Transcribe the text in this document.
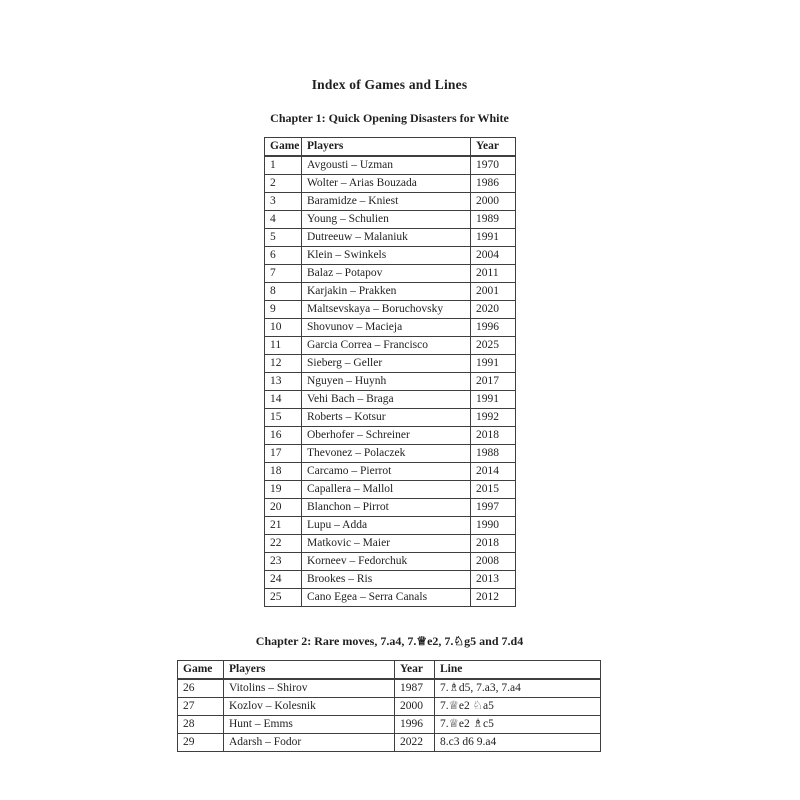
Index of Games and Lines
Chapter 1: Quick Opening Disasters for White
Game	Players	Year
1	Avgousti – Uzman	1970
2	Wolter – Arias Bouzada	1986
3	Baramidze – Kniest	2000
4	Young – Schulien	1989
5	Dutreeuw – Malaniuk	1991
6	Klein – Swinkels	2004
7	Balaz – Potapov	2011
8	Karjakin – Prakken	2001
9	Maltsevskaya – Boruchovsky	2020
10	Shovunov – Macieja	1996
11	Garcia Correa – Francisco	2025
12	Sieberg – Geller	1991
13	Nguyen – Huynh	2017
14	Vehi Bach – Braga	1991
15	Roberts – Kotsur	1992
16	Oberhofer – Schreiner	2018
17	Thevonez – Polaczek	1988
18	Carcamo – Pierrot	2014
19	Capallera – Mallol	2015
20	Blanchon – Pirrot	1997
21	Lupu – Adda	1990
22	Matkovic – Maier	2018
23	Korneev – Fedorchuk	2008
24	Brookes – Ris	2013
25	Cano Egea – Serra Canals	2012
Chapter 2: Rare moves, 7.a4, 7.♕e2, 7.♘g5 and 7.d4
Game	Players	Year	Line
26	Vitolins – Shirov	1987	7.♗d5, 7.a3, 7.a4
27	Kozlov – Kolesnik	2000	7.♕e2 ♘a5
28	Hunt – Emms	1996	7.♕e2 ♗c5
29	Adarsh – Fodor	2022	8.c3 d6 9.a4
